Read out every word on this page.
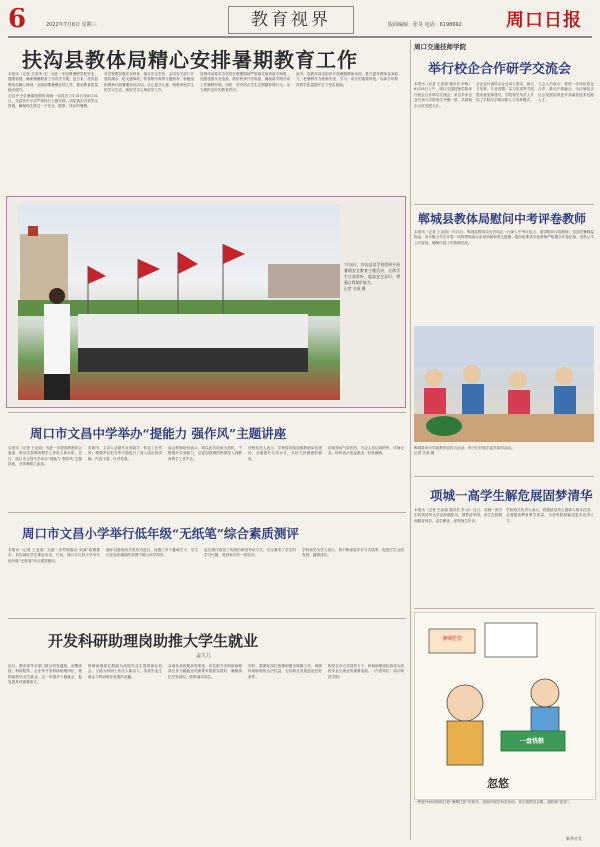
6	2022年7月6日 星期三	教育视界	版面编辑：张昊 电话：6198692 周口日报
扶沟县教体局精心安排暑期教育工作
本报讯（记者 关成李 文）为进一步加强暑假学校安全、健康管理，确保暑期教育工作有序开展，连日来，扶沟县教体局精心谋划、全面部署暑期各项工作，推动教育质量稳步提升。
全县中小学暑期放假时间统一安排在7月14日至8月31日，全县各中小学严格执行上级安排，切实落实各项安全措施，确保师生度过一个安全、健康、快乐的暑假。
各学校要加强安全教育、落实安全责任，会同有关部门开展防溺水、防交通事故、防食物中毒等专题教育；积极组织教师开展暑期家访活动，关心留守儿童、困难家庭学生的学习生活，做好学生心理疏导工作。
县教体局要求各学校在假期期间严格落实值班值守制度，加强校园安全巡查，做好秋季开学准备，确保新学期各项工作顺利开展。同时，坚决防止学生在假期补课行为，全力维护良好的教育秩序。
此外，县教体局还组织开展暑期教师培训，着力提升教师业务能力，把暑假作为教师充电、学习、成长的重要时段，为新学年教育教学质量提升打下坚实基础。
7月4日，扶沟县某学校组织开展暑期安全教育主题活动，全体学生认真聆听，提高安全意识，增强自我保护能力。
记者 关成 摄
周口市文昌中学举办“提能力 强作风”主题讲座
本报讯（记者 王亚丽）为进一步提高教师综合素质，推动学校教育教学工作再上新台阶，近日，周口市文昌中学举办“提能力 强作风”主题讲座，全体教职工参加。
讲座中，主讲人从提升业务能力、转变工作作风、增强责任担当等方面进行了深入浅出的讲解，内容丰富、针对性强。
参会教师纷纷表示，将以此次讲座为契机，不断提升自身能力，以更加饱满的热情投入到教育教学工作中去。
该校负责人表示，学校将持续加强教师队伍建设，全面提升办学水平，办好人民满意的教育。
讲座现场气氛热烈，与会人员认真聆听、详细记录，纷纷表示受益匪浅，收获满满。
周口市文昌小学举行低年级“无纸笔”综合素质测评
本报讯（记者 王亚丽）为进一步贯彻落实“双减”政策要求，切实减轻学生课业负担，日前，周口市文昌小学举行低年级“无纸笔”综合素质测评。
测评以游戏闯关的形式进行，设置了多个趣味关卡，学生们在轻松愉悦的氛围中展示所学知识。
此次测评改变了传统的纸笔考试方式，充分激发了学生的学习兴趣，受到家长的一致好评。
学校相关负责人表示，将不断探索评价方式改革，促进学生全面发展、健康成长。
开发科研助理岗助推大学生就业
孟久儿
近日，教育部等多部门联合印发通知，部署高校、科研院所、企业等开发科研助理岗位，吸纳高校毕业生就业。这一举措对于稳就业、促发展具有重要意义。
科研助理岗位既能为高校毕业生提供就业机会，又能为科研工作注入新活力，实现毕业生就业与科研事业发展的双赢。
各地各高校要高度重视，切实把开发科研助理岗位作为稳就业的重要举措抓实抓好，确保岗位开发到位、政策落实到位。
同时，要做好岗位管理和服务保障工作，保障科研助理的合法权益，为其职业发展创造良好条件。
相信在各方共同努力下，科研助理岗位将成为高校毕业生就业的重要渠道。（作者单位：周口师范学院）
周口交通技师学院
举行校企合作研学交流会
本报讯（记者 王亚丽 通讯员 李杨）6月29日上午，周口交通技师学院举行校企合作研学交流会，来自多家企业代表与学院师生齐聚一堂，共商校企合作发展大计。
各企业代表结合企业用人需求，就人才培养、专业设置、实习实训等方面提出意见和建议，学院相关负责人介绍了学院办学情况和人才培养模式。
与会人员表示，将进一步深化校企合作，推动产教融合，为区域经济社会发展培养更多高素质技术技能人才。
郸城县教体局慰问中考评卷教师
本报讯（记者 王亚丽）7月3日，郸城县教体局负责同志一行深入中考评卷点，看望慰问评卷教师，送去防暑降温物品，向辛勤工作在评卷一线的教师表示亲切问候和衷心感谢。慰问组要求评卷教师严格遵守评卷纪律，坚持公平公正原则，确保评卷工作圆满完成。
郸城县举行学前教育宣传月活动，孩子们开展丰富多彩的活动。
记者 关成 摄
项城一高学生解危展固梦清华
本报讯（记者 王亚丽 通讯员 李 冰）近日，项城一高学生收到清华大学录取通知书，圆梦清华园。该生在校期间勤奋刻苦，品学兼优，深受师生好评。
学校相关负责人表示，将继续坚持立德树人根本任务，全面提高教育教学质量，为高等院校输送更多优秀人才。
暑期托管
一盘钱粮
忽悠
一些校外培训机构打着“暑期托管”的旗号，违规开展学科类培训，家长需擦亮双眼，谨防被“忽悠”。
新华社发
